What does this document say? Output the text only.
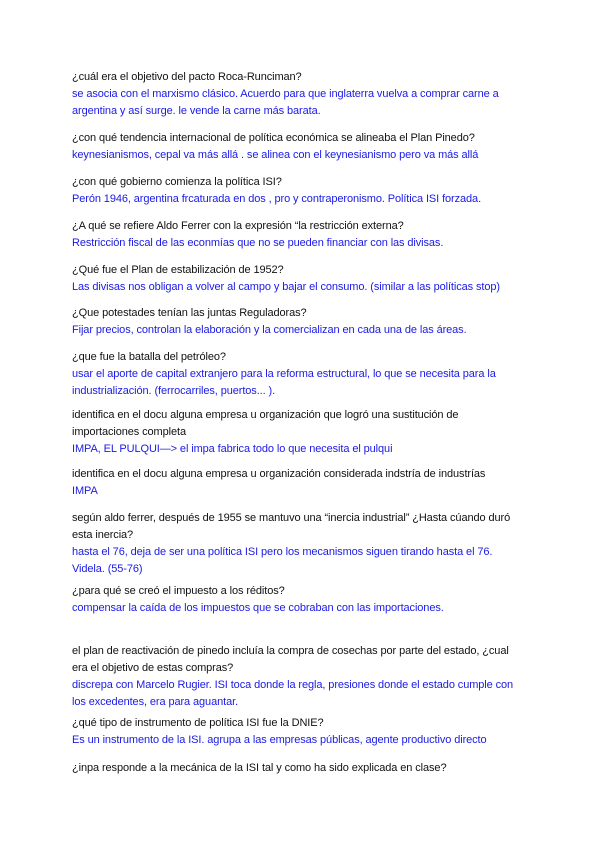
¿cuál era el objetivo del pacto Roca-Runciman?

se asocia con el marxismo clásico. Acuerdo para que inglaterra vuelva a comprar carne a argentina y así surge. le vende la carne más barata.

¿con qué tendencia internacional de política económica se alineaba el Plan Pinedo?

keynesianismos, cepal va más allá . se alinea con el keynesianismo pero va más allá

¿con qué gobierno comienza la política ISI?

Perón 1946, argentina frcaturada en dos , pro y contraperonismo. Política ISI forzada.

¿A qué se refiere Aldo Ferrer con la expresión “la restricción externa?

Restricción fiscal de las econmías que no se pueden financiar con las divisas.

¿Qué fue el Plan de estabilización de 1952?

Las divisas nos obligan a volver al campo y bajar el consumo. (similar a las políticas stop)

¿Que potestades tenían las juntas Reguladoras?

Fijar precios, controlan la elaboración y la comercializan en cada una de las áreas.

¿que fue la batalla del petróleo?

usar el aporte de capital extranjero para la reforma estructural, lo que se necesita para la industrialización. (ferrocarriles, puertos... ).

identifica en el docu alguna empresa u organización que logró una sustitución de importaciones completa

IMPA, EL PULQUI—> el impa fabrica todo lo que necesita el pulqui

identifica en el docu alguna empresa u organización considerada indstría de industrías

IMPA

según aldo ferrer, después de 1955 se mantuvo una “inercia industrial” ¿Hasta cúando duró esta inercia?

hasta el 76, deja de ser una política ISI pero los mecanismos siguen tirando hasta el 76. Videla. (55-76)

¿para qué se creó el impuesto a los réditos?

compensar la caída de los impuestos que se cobraban con las importaciones.

el plan de reactivación de pinedo incluía la compra de cosechas por parte del estado, ¿cual era el objetivo de estas compras?

discrepa con Marcelo Rugier. ISI toca donde la regla, presiones donde el estado cumple con los excedentes, era para aguantar.

¿qué tipo de instrumento de política ISI fue la DNIE?

Es un instrumento de la ISI. agrupa a las empresas públicas, agente productivo directo

¿inpa responde a la mecánica de la ISI tal y como ha sido explicada en clase?
